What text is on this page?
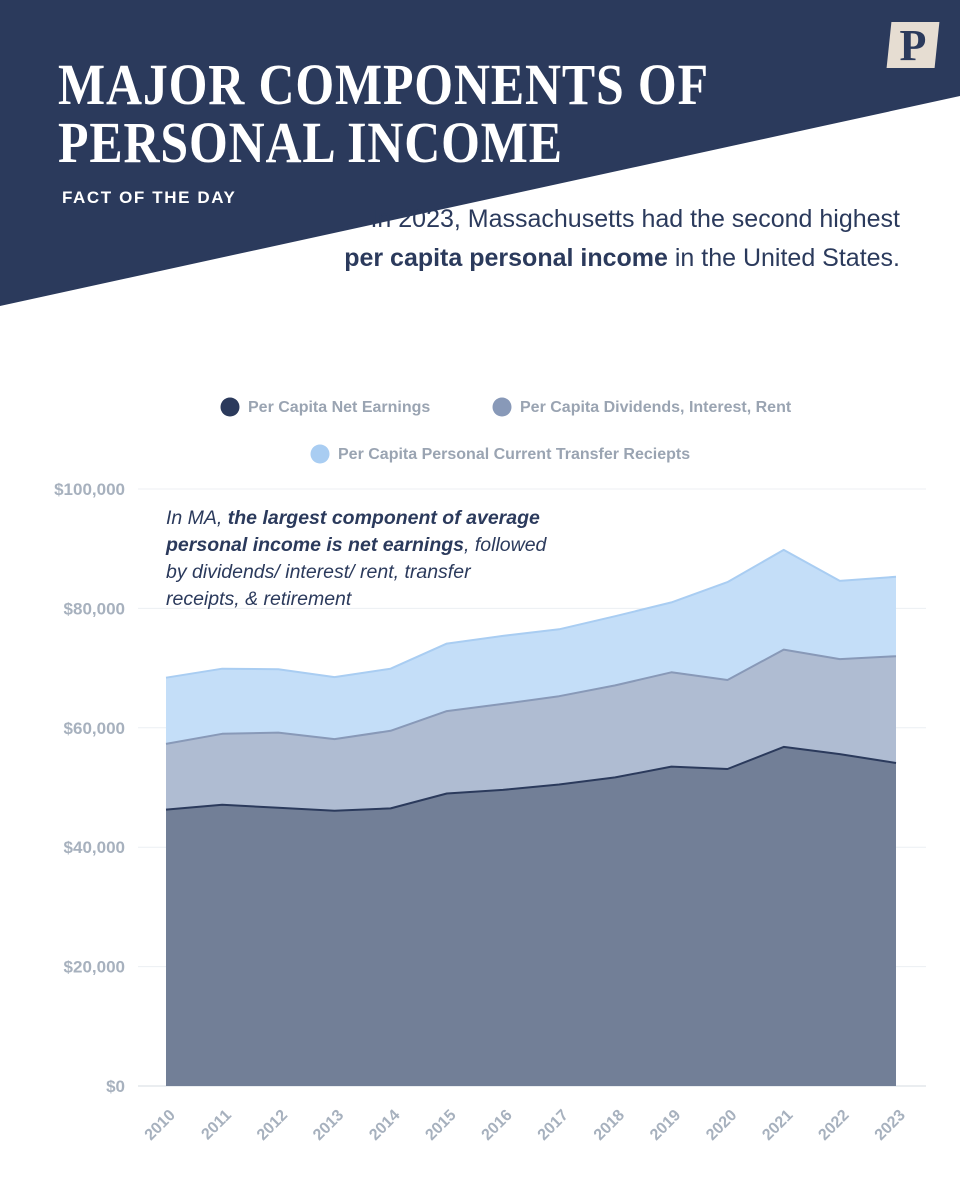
MAJOR COMPONENTS OF
PERSONAL INCOME
FACT OF THE DAY
P
In 2023, Massachusetts had the second highest per capita personal income in the United States.
$0
$20,000
$40,000
$60,000
$80,000
$100,000
2010 2011 2012 2013 2014 2015 2016 2017 2018 2019 2020 2021 2022 2023
Per Capita Net Earnings	Per Capita Dividends, Interest, Rent
Per Capita Personal Current Transfer Reciepts
In MA, the largest component of average
personal income is net earnings, followed
by dividends/ interest/ rent, transfer
receipts, & retirement
